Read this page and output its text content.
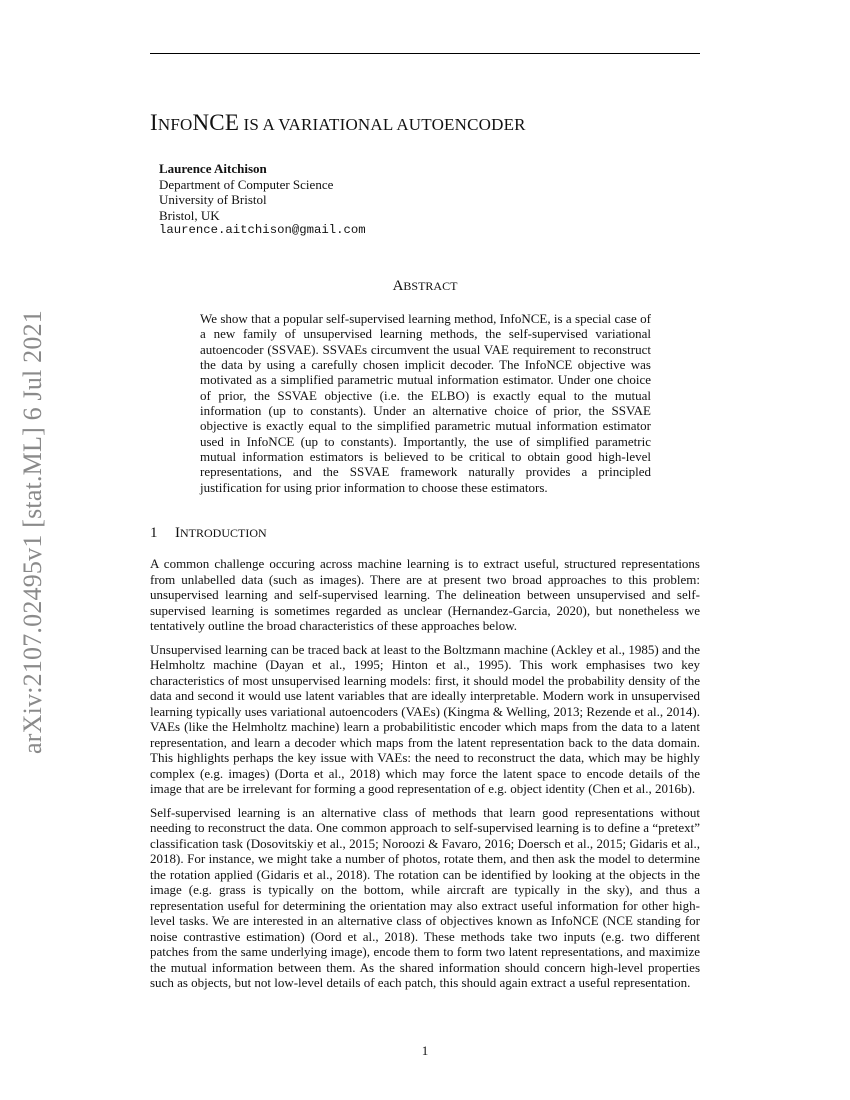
INFONCE IS A VARIATIONAL AUTOENCODER
Laurence Aitchison
Department of Computer Science
University of Bristol
Bristol, UK
laurence.aitchison@gmail.com
arXiv:2107.02495v1 [stat.ML] 6 Jul 2021
ABSTRACT

We show that a popular self-supervised learning method, InfoNCE, is a special case of a new family of unsupervised learning methods, the self-supervised variational autoencoder (SSVAE). SSVAEs circumvent the usual VAE requirement to reconstruct the data by using a carefully chosen implicit decoder. The InfoNCE objective was motivated as a simplified parametric mutual information estimator. Under one choice of prior, the SSVAE objective (i.e. the ELBO) is exactly equal to the mutual information (up to constants). Under an alternative choice of prior, the SSVAE objective is exactly equal to the simplified parametric mutual information estimator used in InfoNCE (up to constants). Importantly, the use of simplified parametric mutual information estimators is believed to be critical to obtain good high-level representations, and the SSVAE framework naturally provides a principled justification for using prior information to choose these estimators.

1 INTRODUCTION

A common challenge occuring across machine learning is to extract useful, structured representations from unlabelled data (such as images). There are at present two broad approaches to this problem: unsupervised learning and self-supervised learning. The delineation between unsupervised and self-supervised learning is sometimes regarded as unclear (Hernandez-Garcia, 2020), but nonetheless we tentatively outline the broad characteristics of these approaches below.

Unsupervised learning can be traced back at least to the Boltzmann machine (Ackley et al., 1985) and the Helmholtz machine (Dayan et al., 1995; Hinton et al., 1995). This work emphasises two key characteristics of most unsupervised learning models: first, it should model the probability density of the data and second it would use latent variables that are ideally interpretable. Modern work in unsupervised learning typically uses variational autoencoders (VAEs) (Kingma & Welling, 2013; Rezende et al., 2014). VAEs (like the Helmholtz machine) learn a probabilitistic encoder which maps from the data to a latent representation, and learn a decoder which maps from the latent representation back to the data domain. This highlights perhaps the key issue with VAEs: the need to reconstruct the data, which may be highly complex (e.g. images) (Dorta et al., 2018) which may force the latent space to encode details of the image that are be irrelevant for forming a good representation of e.g. object identity (Chen et al., 2016b).

Self-supervised learning is an alternative class of methods that learn good representations without needing to reconstruct the data. One common approach to self-supervised learning is to define a “pretext” classification task (Dosovitskiy et al., 2015; Noroozi & Favaro, 2016; Doersch et al., 2015; Gidaris et al., 2018). For instance, we might take a number of photos, rotate them, and then ask the model to determine the rotation applied (Gidaris et al., 2018). The rotation can be identified by looking at the objects in the image (e.g. grass is typically on the bottom, while aircraft are typically in the sky), and thus a representation useful for determining the orientation may also extract useful information for other high-level tasks. We are interested in an alternative class of objectives known as InfoNCE (NCE standing for noise contrastive estimation) (Oord et al., 2018). These methods take two inputs (e.g. two different patches from the same underlying image), encode them to form two latent representations, and maximize the mutual information between them. As the shared information should concern high-level properties such as objects, but not low-level details of each patch, this should again extract a useful representation.

1
